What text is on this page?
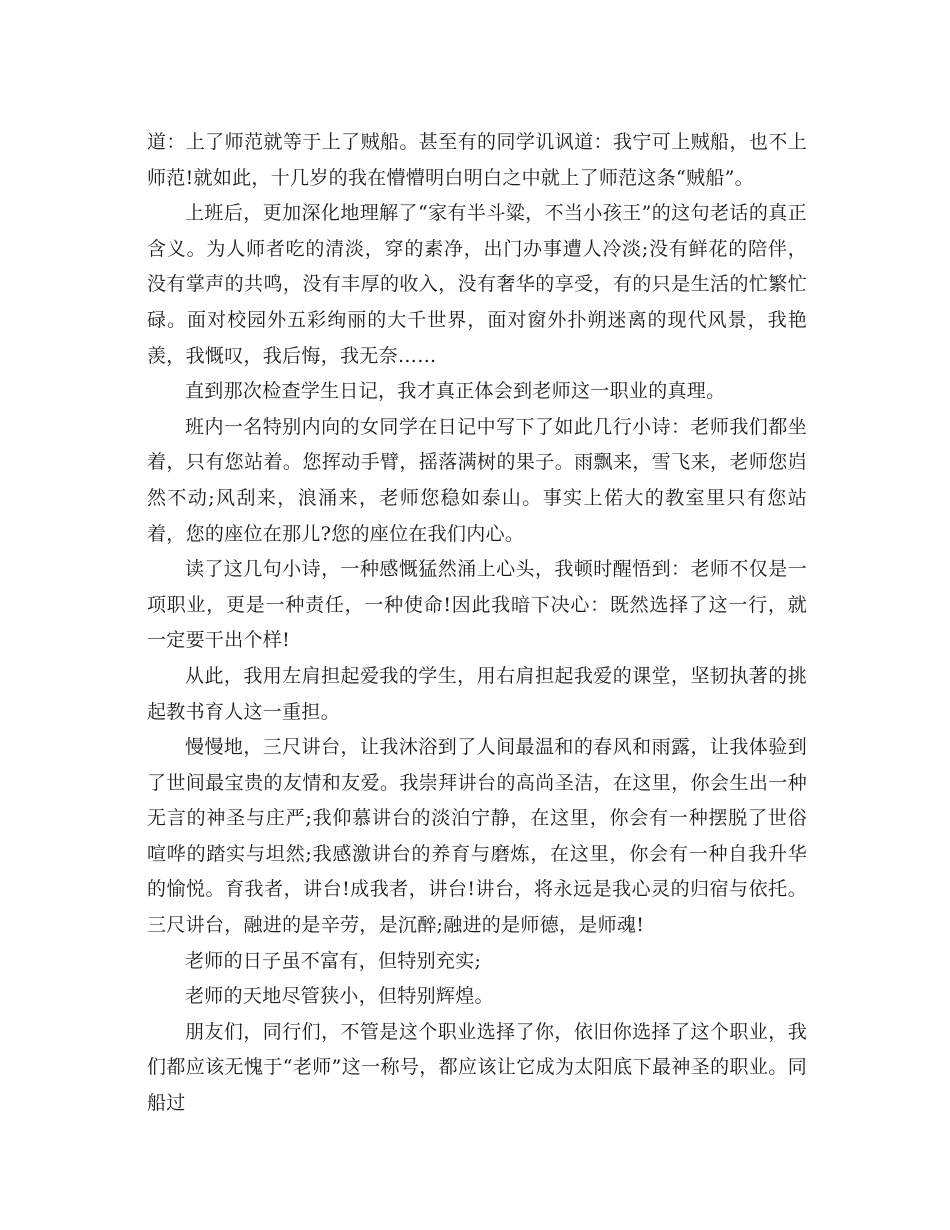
道：上了师范就等于上了贼船。甚至有的同学讥讽道：我宁可上贼船，也不上师范!就如此，十几岁的我在懵懵明白明白之中就上了师范这条“贼船”。

上班后，更加深化地理解了“家有半斗粱，不当小孩王”的这句老话的真正含义。为人师者吃的清淡，穿的素净，出门办事遭人冷淡;没有鲜花的陪伴，没有掌声的共鸣，没有丰厚的收入，没有奢华的享受，有的只是生活的忙繁忙碌。面对校园外五彩绚丽的大千世界，面对窗外扑朔迷离的现代风景，我艳羡，我慨叹，我后悔，我无奈……

直到那次检查学生日记，我才真正体会到老师这一职业的真理。

班内一名特别内向的女同学在日记中写下了如此几行小诗：老师我们都坐着，只有您站着。您挥动手臂，摇落满树的果子。雨飘来，雪飞来，老师您岿然不动;风刮来，浪涌来，老师您稳如泰山。事实上偌大的教室里只有您站着，您的座位在那儿?您的座位在我们内心。

读了这几句小诗，一种感慨猛然涌上心头，我顿时醒悟到：老师不仅是一项职业，更是一种责任，一种使命!因此我暗下决心：既然选择了这一行，就一定要干出个样!

从此，我用左肩担起爱我的学生，用右肩担起我爱的课堂，坚韧执著的挑起教书育人这一重担。

慢慢地，三尺讲台，让我沐浴到了人间最温和的春风和雨露，让我体验到了世间最宝贵的友情和友爱。我崇拜讲台的高尚圣洁，在这里，你会生出一种无言的神圣与庄严;我仰慕讲台的淡泊宁静，在这里，你会有一种摆脱了世俗喧哗的踏实与坦然;我感激讲台的养育与磨炼，在这里，你会有一种自我升华的愉悦。育我者，讲台!成我者，讲台!讲台，将永远是我心灵的归宿与依托。三尺讲台，融进的是辛劳，是沉醉;融进的是师德，是师魂!

老师的日子虽不富有，但特别充实;

老师的天地尽管狭小，但特别辉煌。

朋友们，同行们，不管是这个职业选择了你，依旧你选择了这个职业，我们都应该无愧于“老师”这一称号，都应该让它成为太阳底下最神圣的职业。同船过
